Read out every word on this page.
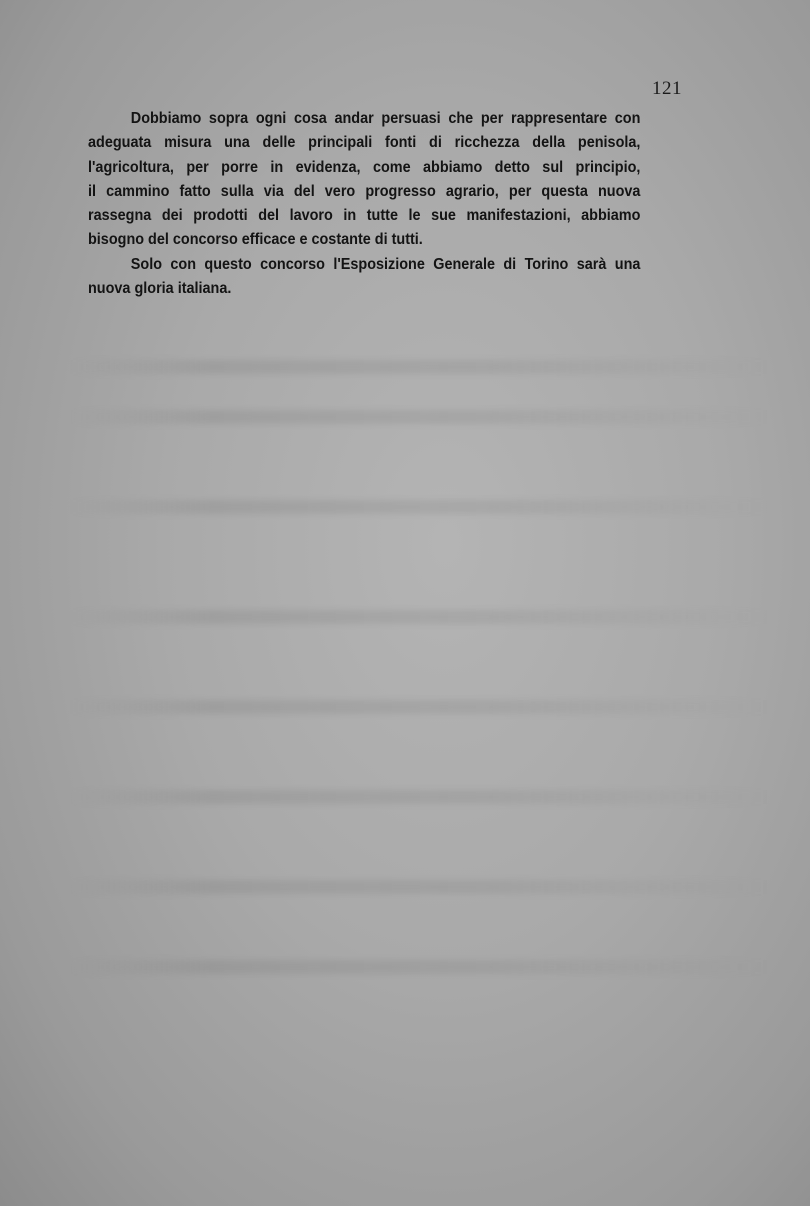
121

Dobbiamo sopra ogni cosa andar persuasi che per rappresentare con
adeguata misura una delle principali fonti di ricchezza della penisola,
l'agricoltura, per porre in evidenza, come abbiamo detto sul principio,
il cammino fatto sulla via del vero progresso agrario, per questa nuova
rassegna dei prodotti del lavoro in tutte le sue manifestazioni, abbiamo
bisogno del concorso efficace e costante di tutti.

Solo con questo concorso l'Esposizione Generale di Torino sarà una
nuova gloria italiana.
